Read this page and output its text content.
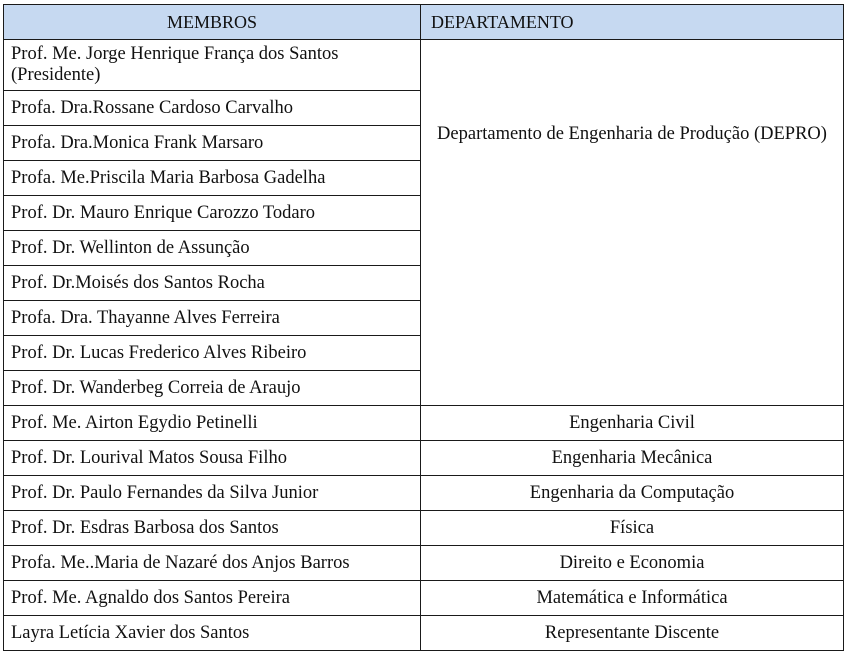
MEMBROS	DEPARTAMENTO
Prof. Me. Jorge Henrique França dos Santos (Presidente)	Departamento de Engenharia de Produção (DEPRO)
Profa. Dra.Rossane Cardoso Carvalho	
Profa. Dra.Monica Frank Marsaro	
Profa. Me.Priscila Maria Barbosa Gadelha	
Prof. Dr. Mauro Enrique Carozzo Todaro	
Prof. Dr. Wellinton de Assunção	
Prof. Dr.Moisés dos Santos Rocha	
Profa. Dra. Thayanne Alves Ferreira	
Prof. Dr. Lucas Frederico Alves Ribeiro	
Prof. Dr. Wanderbeg Correia de Araujo	
Prof. Me. Airton Egydio Petinelli	Engenharia Civil
Prof. Dr. Lourival Matos Sousa Filho	Engenharia Mecânica
Prof. Dr. Paulo Fernandes da Silva Junior	Engenharia da Computação
Prof. Dr. Esdras Barbosa dos Santos	Física
Profa. Me..Maria de Nazaré dos Anjos Barros	Direito e Economia
Prof. Me. Agnaldo dos Santos Pereira	Matemática e Informática
Layra Letícia Xavier dos Santos	Representante Discente
